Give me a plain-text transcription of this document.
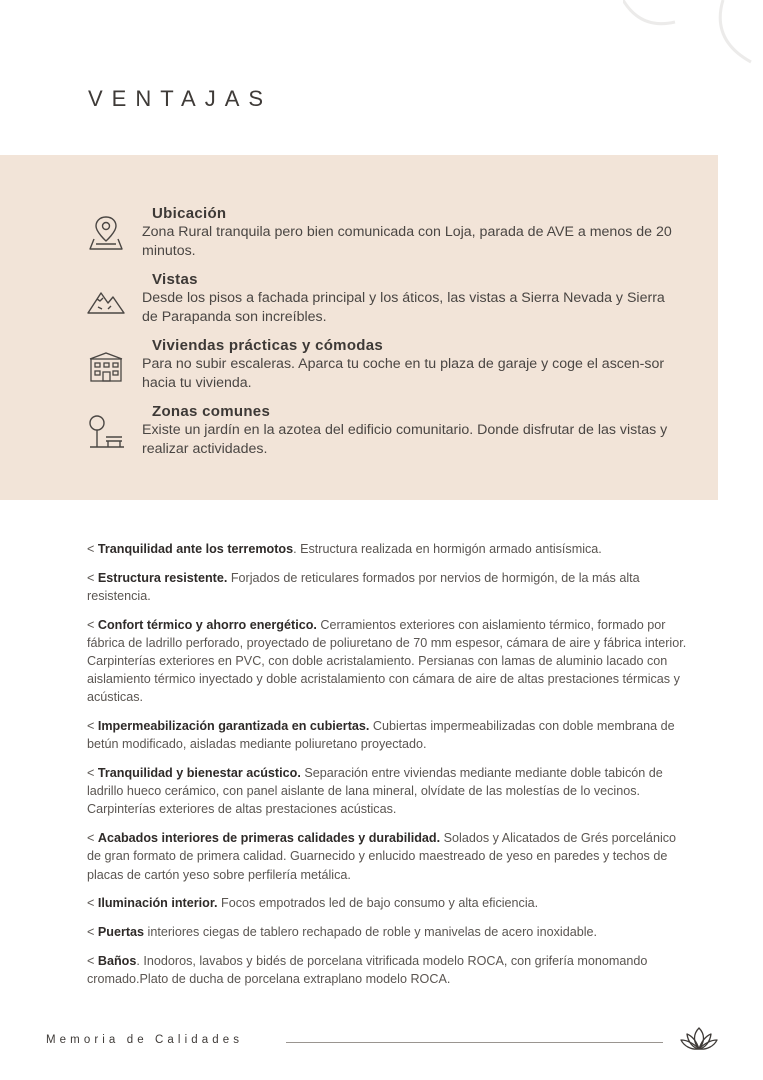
VENTAJAS
Ubicación
Zona Rural tranquila pero bien comunicada con Loja, parada de AVE a menos de 20 minutos.
Vistas
Desde los pisos a fachada principal y los áticos, las vistas a Sierra Nevada y Sierra de Parapanda son increíbles.
Viviendas prácticas y cómodas
Para no subir escaleras. Aparca tu coche en tu plaza de garaje y coge el ascen-sor hacia tu vivienda.
Zonas comunes
Existe un jardín en la azotea del edificio comunitario. Donde disfrutar de las vistas y realizar actividades.

< Tranquilidad ante los terremotos. Estructura realizada en hormigón armado antisísmica.

< Estructura resistente. Forjados de reticulares formados por nervios de hormigón, de la más alta resistencia.

< Confort térmico y ahorro energético. Cerramientos exteriores con aislamiento térmico, formado por fábrica de ladrillo perforado, proyectado de poliuretano de 70 mm espesor, cámara de aire y fábrica interior. Carpinterías exteriores en PVC, con doble acristalamiento. Persianas con lamas de aluminio lacado con aislamiento térmico inyectado y doble acristalamiento con cámara de aire de altas prestaciones térmicas y acústicas.

< Impermeabilización garantizada en cubiertas. Cubiertas impermeabilizadas con doble membrana de betún modificado, aisladas mediante poliuretano proyectado.

< Tranquilidad y bienestar acústico. Separación entre viviendas mediante mediante doble tabicón de ladrillo hueco cerámico, con panel aislante de lana mineral, olvídate de las molestías de lo vecinos. Carpinterías exteriores de altas prestaciones acústicas.

< Acabados interiores de primeras calidades y durabilidad. Solados y Alicatados de Grés porcelánico de gran formato de primera calidad. Guarnecido y enlucido maestreado de yeso en paredes y techos de placas de cartón yeso sobre perfilería metálica.

< Iluminación interior. Focos empotrados led de bajo consumo y alta eficiencia.

< Puertas interiores ciegas de tablero rechapado de roble y manivelas de acero inoxidable.

< Baños. Inodoros, lavabos y bidés de porcelana vitrificada modelo ROCA, con grifería monomando cromado.Plato de ducha de porcelana extraplano modelo ROCA.

Memoria de Calidades
